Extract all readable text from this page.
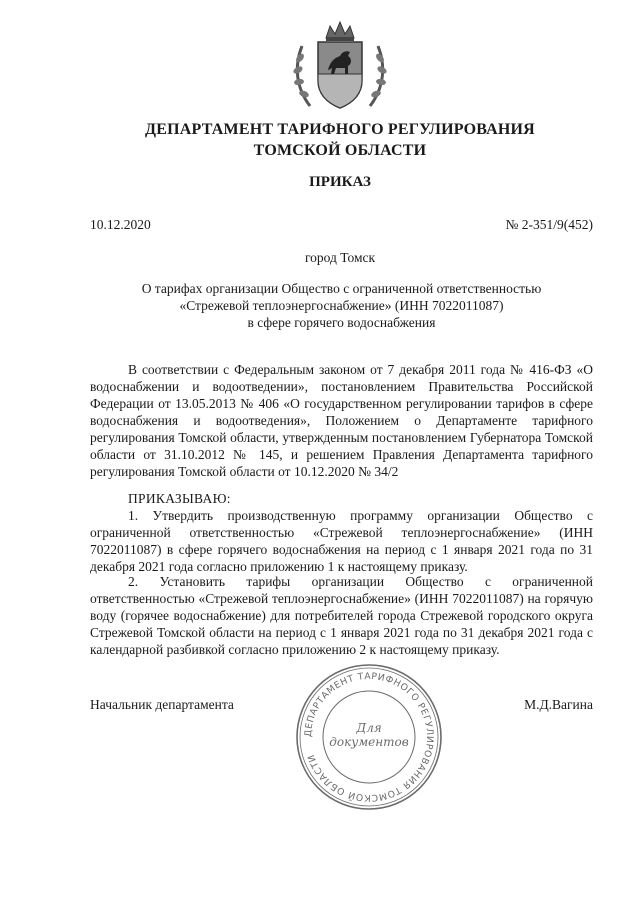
ДЕПАРТАМЕНТ ТАРИФНОГО РЕГУЛИРОВАНИЯ
ТОМСКОЙ ОБЛАСТИ
ПРИКАЗ
10.12.2020	№ 2-351/9(452)
город Томск
О тарифах организации Общество с ограниченной ответственностью
«Стрежевой теплоэнергоснабжение» (ИНН 7022011087)
в сфере горячего водоснабжения
В соответствии с Федеральным законом от 7 декабря 2011 года № 416-ФЗ «О водоснабжении и водоотведении», постановлением Правительства Российской Федерации от 13.05.2013 № 406 «О государственном регулировании тарифов в сфере водоснабжения и водоотведения», Положением о Департаменте тарифного регулирования Томской области, утвержденным постановлением Губернатора Томской области от 31.10.2012 № 145, и решением Правления Департамента тарифного регулирования Томской области от 10.12.2020 № 34/2
ПРИКАЗЫВАЮ:
1. Утвердить производственную программу организации Общество с ограниченной ответственностью «Стрежевой теплоэнергоснабжение» (ИНН 7022011087) в сфере горячего водоснабжения на период с 1 января 2021 года по 31 декабря 2021 года согласно приложению 1 к настоящему приказу.
2. Установить тарифы организации Общество с ограниченной ответственностью «Стрежевой теплоэнергоснабжение» (ИНН 7022011087) на горячую воду (горячее водоснабжение) для потребителей города Стрежевой городского округа Стрежевой Томской области на период с 1 января 2021 года по 31 декабря 2021 года с календарной разбивкой согласно приложению 2 к настоящему приказу.
Начальник департамента	М.Д.Вагина
ДЕПАРТАМЕНТ ТАРИФНОГО РЕГУЛИРОВАНИЯ ТОМСКОЙ ОБЛАСТИ
Для
документов
